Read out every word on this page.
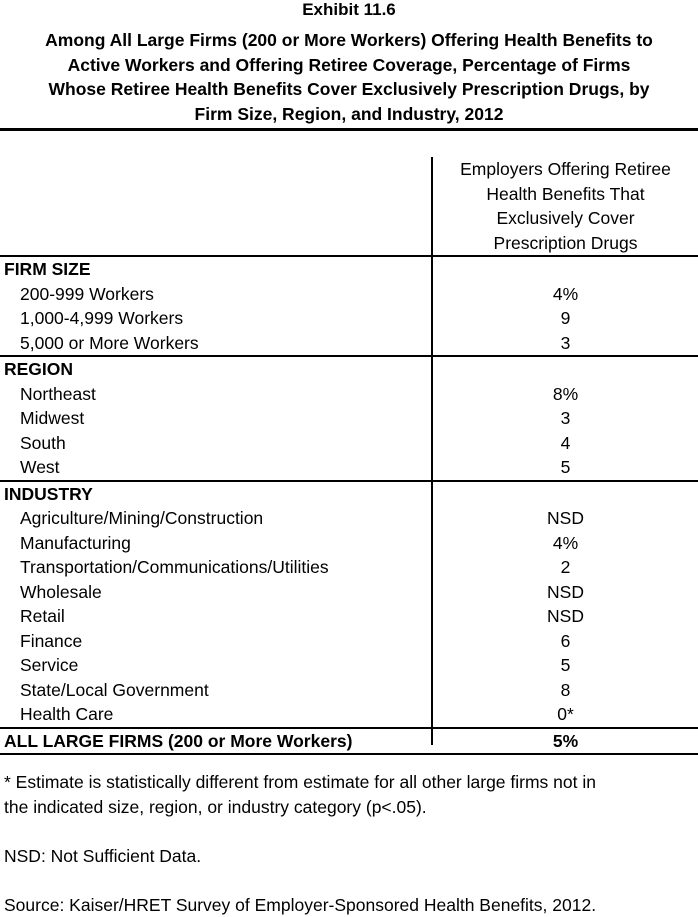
Exhibit 11.6
Among All Large Firms (200 or More Workers) Offering Health Benefits to
Active Workers and Offering Retiree Coverage, Percentage of Firms
Whose Retiree Health Benefits Cover Exclusively Prescription Drugs, by
Firm Size, Region, and Industry, 2012
Employers Offering Retiree
Health Benefits That
Exclusively Cover
Prescription Drugs
FIRM SIZE
200-999 Workers	4%
1,000-4,999 Workers	9
5,000 or More Workers	3
REGION
Northeast	8%
Midwest	3
South	4
West	5
INDUSTRY
Agriculture/Mining/Construction	NSD
Manufacturing	4%
Transportation/Communications/Utilities	2
Wholesale	NSD
Retail	NSD
Finance	6
Service	5
State/Local Government	8
Health Care	0*
ALL LARGE FIRMS (200 or More Workers)	5%

* Estimate is statistically different from estimate for all other large firms not in

the indicated size, region, or industry category (p<.05).

NSD: Not Sufficient Data.

Source: Kaiser/HRET Survey of Employer-Sponsored Health Benefits, 2012.
